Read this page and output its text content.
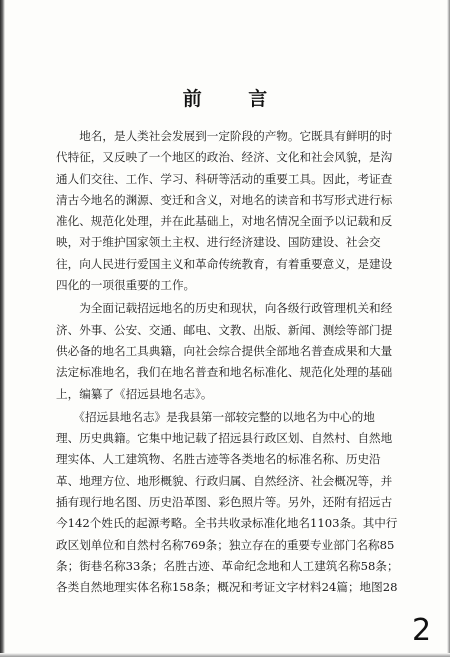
前 言
　　地名，是人类社会发展到一定阶段的产物。它既具有鲜明的时
代特征，又反映了一个地区的政治、经济、文化和社会风貌，是沟
通人们交往、工作、学习、科研等活动的重要工具。因此，考证查
清古今地名的渊源、变迁和含义，对地名的读音和书写形式进行标
准化、规范化处理，并在此基础上，对地名情况全面予以记载和反
映，对于维护国家领土主权、进行经济建设、国防建设、社会交
往，向人民进行爱国主义和革命传统教育，有着重要意义，是建设
四化的一项很重要的工作。
　　为全面记载招远地名的历史和现状，向各级行政管理机关和经
济、外事、公安、交通、邮电、文教、出版、新闻、测绘等部门提
供必备的地名工具典籍，向社会综合提供全部地名普查成果和大量
法定标准地名，我们在地名普查和地名标准化、规范化处理的基础
上，编纂了《招远县地名志》。
　　《招远县地名志》是我县第一部较完整的以地名为中心的地
理、历史典籍。它集中地记载了招远县行政区划、自然村、自然地
理实体、人工建筑物、名胜古迹等各类地名的标准名称、历史沿
革、地理方位、地形概貌、行政归属、自然经济、社会概况等，并
插有现行地名图、历史沿革图、彩色照片等。另外，还附有招远古
今142个姓氏的起源考略。全书共收录标准化地名1103条。其中行
政区划单位和自然村名称769条；独立存在的重要专业部门名称85
条；街巷名称33条；名胜古迹、革命纪念地和人工建筑名称58条；
各类自然地理实体名称158条；概况和考证文字材料24篇；地图28
2
